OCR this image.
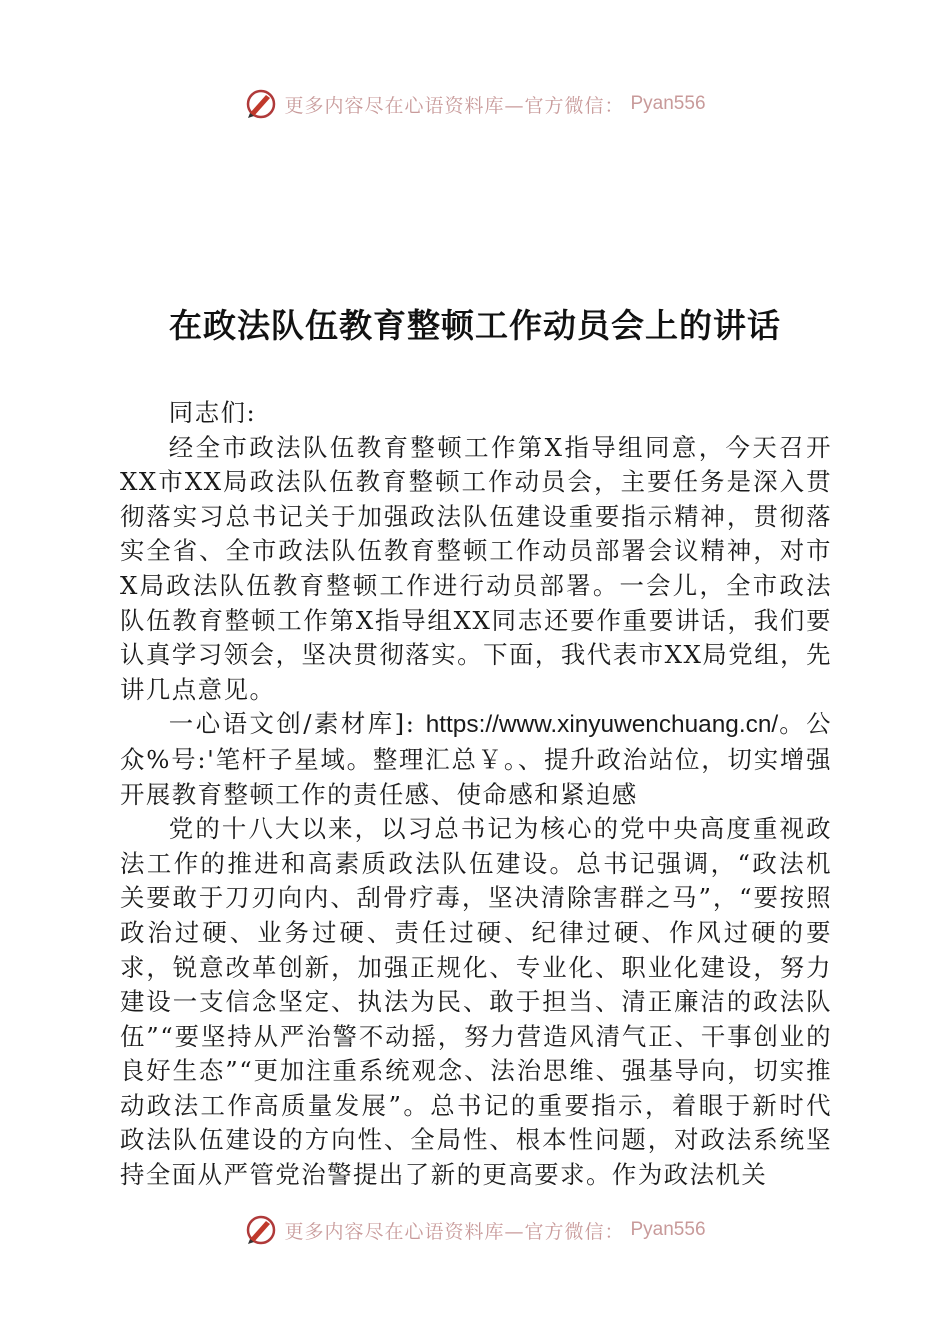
更多内容尽在心语资料库—官方微信： Pyan556
在政法队伍教育整顿工作动员会上的讲话

同志们:

经全市政法队伍教育整顿工作第X指导组同意，今天召开XX市XX局政法队伍教育整顿工作动员会，主要任务是深入贯彻落实习总书记关于加强政法队伍建设重要指示精神，贯彻落实全省、全市政法队伍教育整顿工作动员部署会议精神，对市X局政法队伍教育整顿工作进行动员部署。一会儿，全市政法队伍教育整顿工作第X指导组XX同志还要作重要讲话，我们要认真学习领会，坚决贯彻落实。下面，我代表市XX局党组，先讲几点意见。

一心语文创/素材库]: https://www.xinyuwenchuang.cn/。公众%号:'笔杆子星域。整理汇总￥。、提升政治站位，切实增强开展教育整顿工作的责任感、使命感和紧迫感

党的十八大以来，以习总书记为核心的党中央高度重视政法工作的推进和高素质政法队伍建设。总书记强调，“政法机关要敢于刀刃向内、刮骨疗毒，坚决清除害群之马”，“要按照政治过硬、业务过硬、责任过硬、纪律过硬、作风过硬的要求，锐意改革创新，加强正规化、专业化、职业化建设，努力建设一支信念坚定、执法为民、敢于担当、清正廉洁的政法队伍”“要坚持从严治警不动摇，努力营造风清气正、干事创业的良好生态”“更加注重系统观念、法治思维、强基导向，切实推动政法工作高质量发展”。总书记的重要指示，着眼于新时代政法队伍建设的方向性、全局性、根本性问题，对政法系统坚持全面从严管党治警提出了新的更高要求。作为政法机关

更多内容尽在心语资料库—官方微信： Pyan556
